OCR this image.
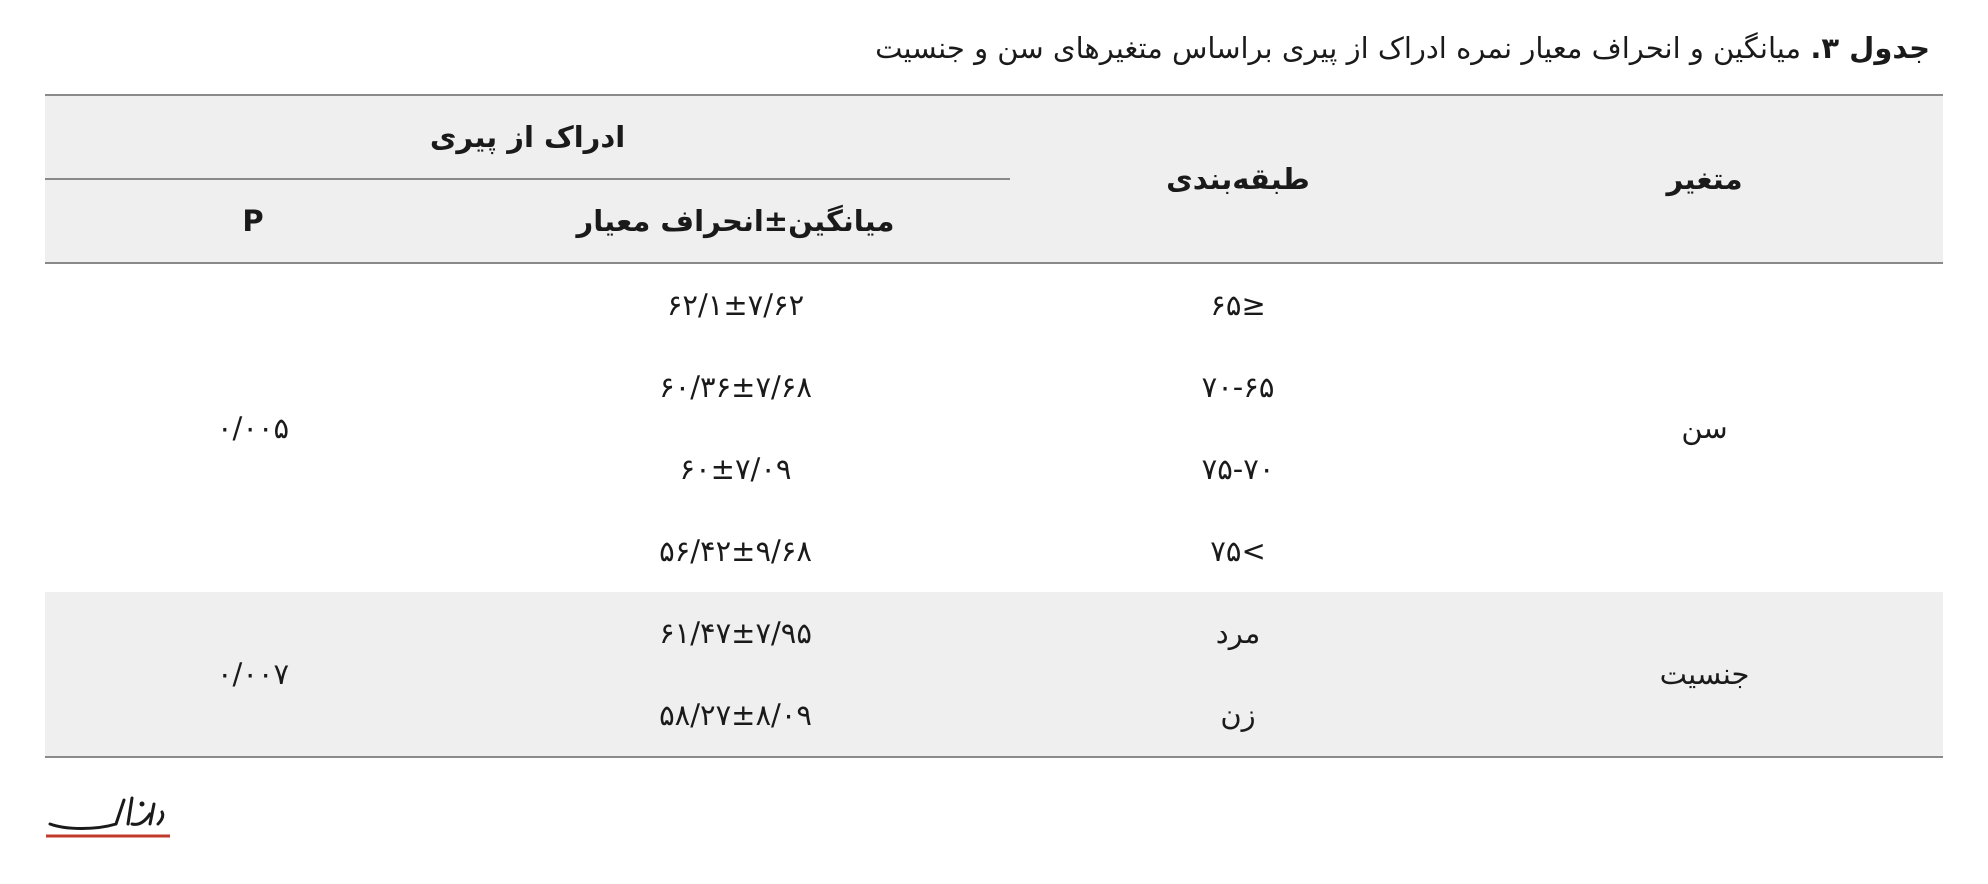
جدول ۳. میانگین و انحراف معیار نمره ادراک از پیری براساس متغیرهای سن و جنسیت
متغیر	طبقه‌بندی	ادراک از پیری	
		میانگین±انحراف معیار	P
سن	≤۶۵	۶۲/۱±۷/۶۲	۰/۰۰۵
	۷۰-۶۵	۶۰/۳۶±۷/۶۸	
	۷۵-۷۰	۶۰±۷/۰۹	
	>۷۵	۵۶/۴۲±۹/۶۸	
جنسیت	مرد	۶۱/۴۷±۷/۹۵	۰/۰۰۷
	زن	۵۸/۲۷±۸/۰۹	
